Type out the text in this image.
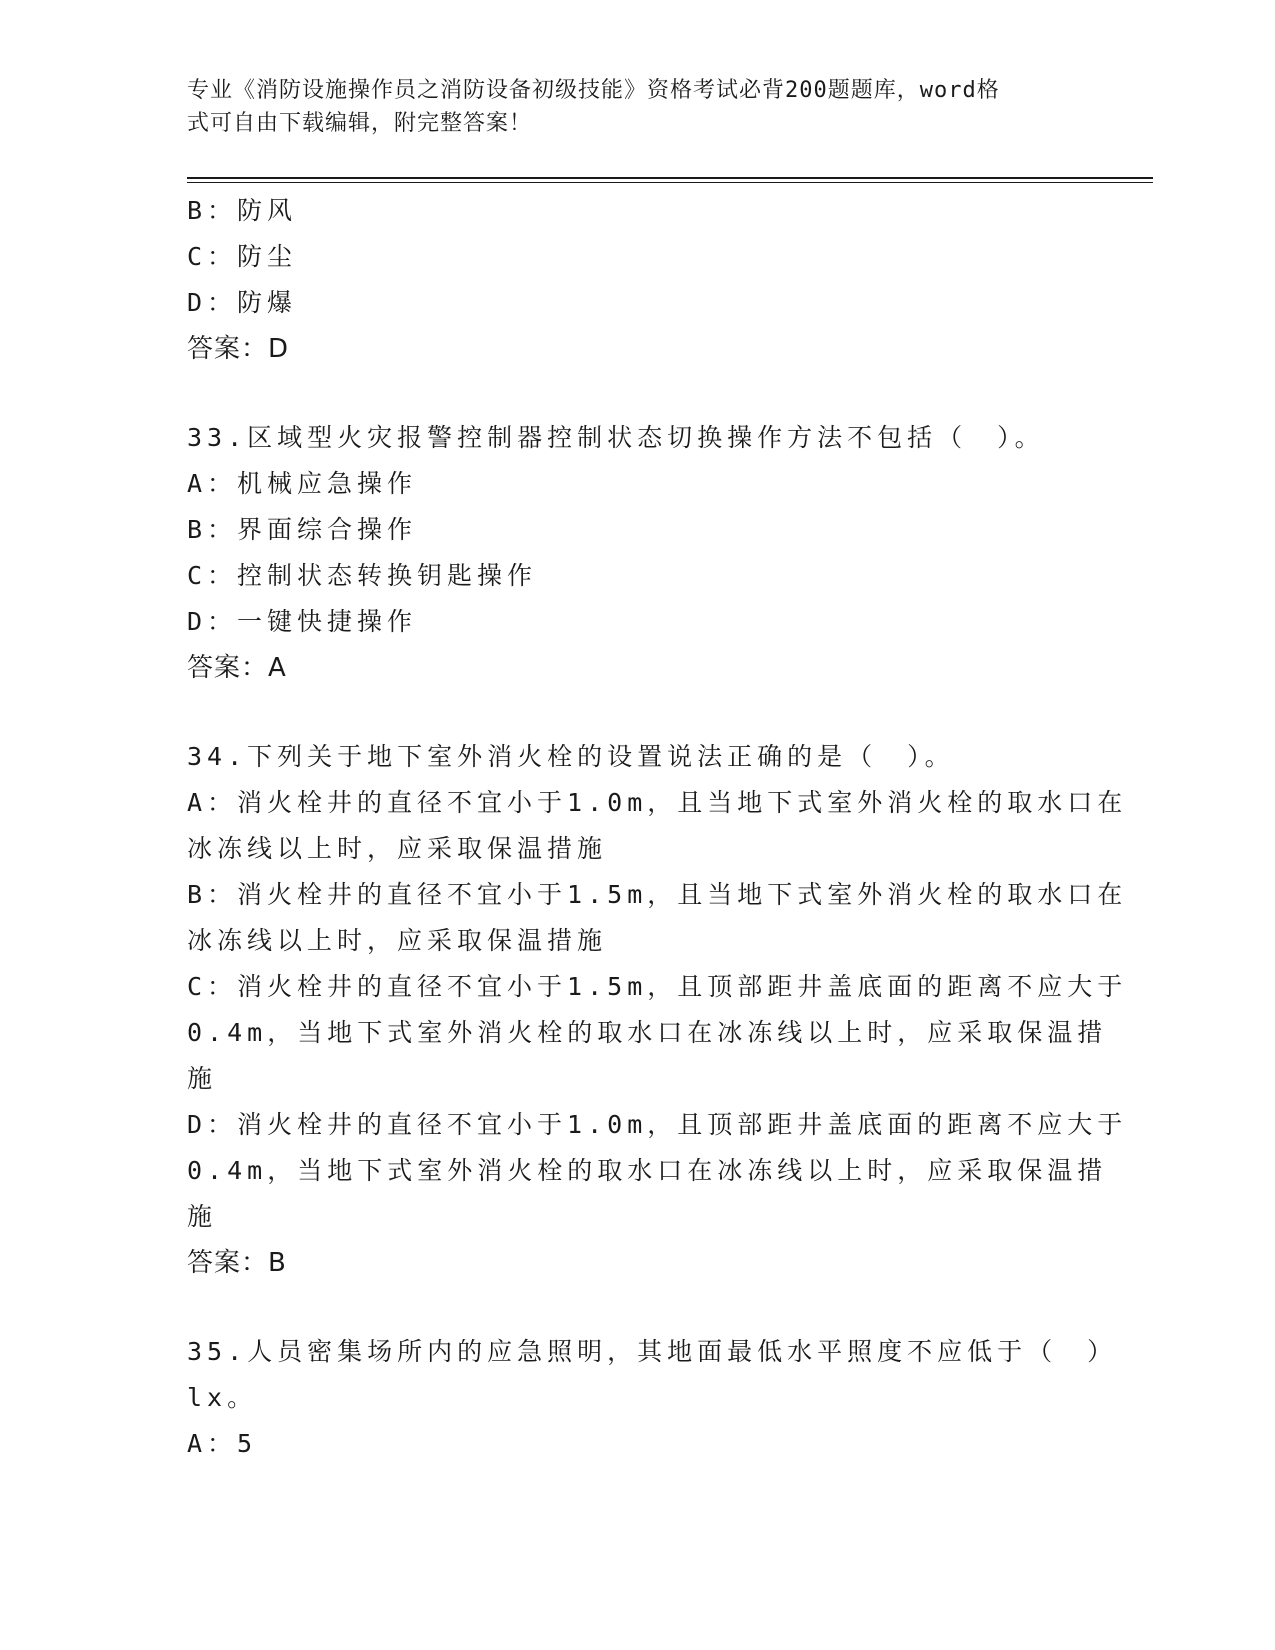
专业《消防设施操作员之消防设备初级技能》资格考试必背200题题库，word格
式可自由下载编辑，附完整答案！
B：防风
C：防尘
D：防爆
答案：D
33.区域型火灾报警控制器控制状态切换操作方法不包括（　）。
A：机械应急操作
B：界面综合操作
C：控制状态转换钥匙操作
D：一键快捷操作
答案：A
34.下列关于地下室外消火栓的设置说法正确的是（　）。
A：消火栓井的直径不宜小于1.0m，且当地下式室外消火栓的取水口在
冰冻线以上时，应采取保温措施
B：消火栓井的直径不宜小于1.5m，且当地下式室外消火栓的取水口在
冰冻线以上时，应采取保温措施
C：消火栓井的直径不宜小于1.5m，且顶部距井盖底面的距离不应大于
0.4m，当地下式室外消火栓的取水口在冰冻线以上时，应采取保温措
施
D：消火栓井的直径不宜小于1.0m，且顶部距井盖底面的距离不应大于
0.4m，当地下式室外消火栓的取水口在冰冻线以上时，应采取保温措
施
答案：B
35.人员密集场所内的应急照明，其地面最低水平照度不应低于（　）
lx。
A：5
